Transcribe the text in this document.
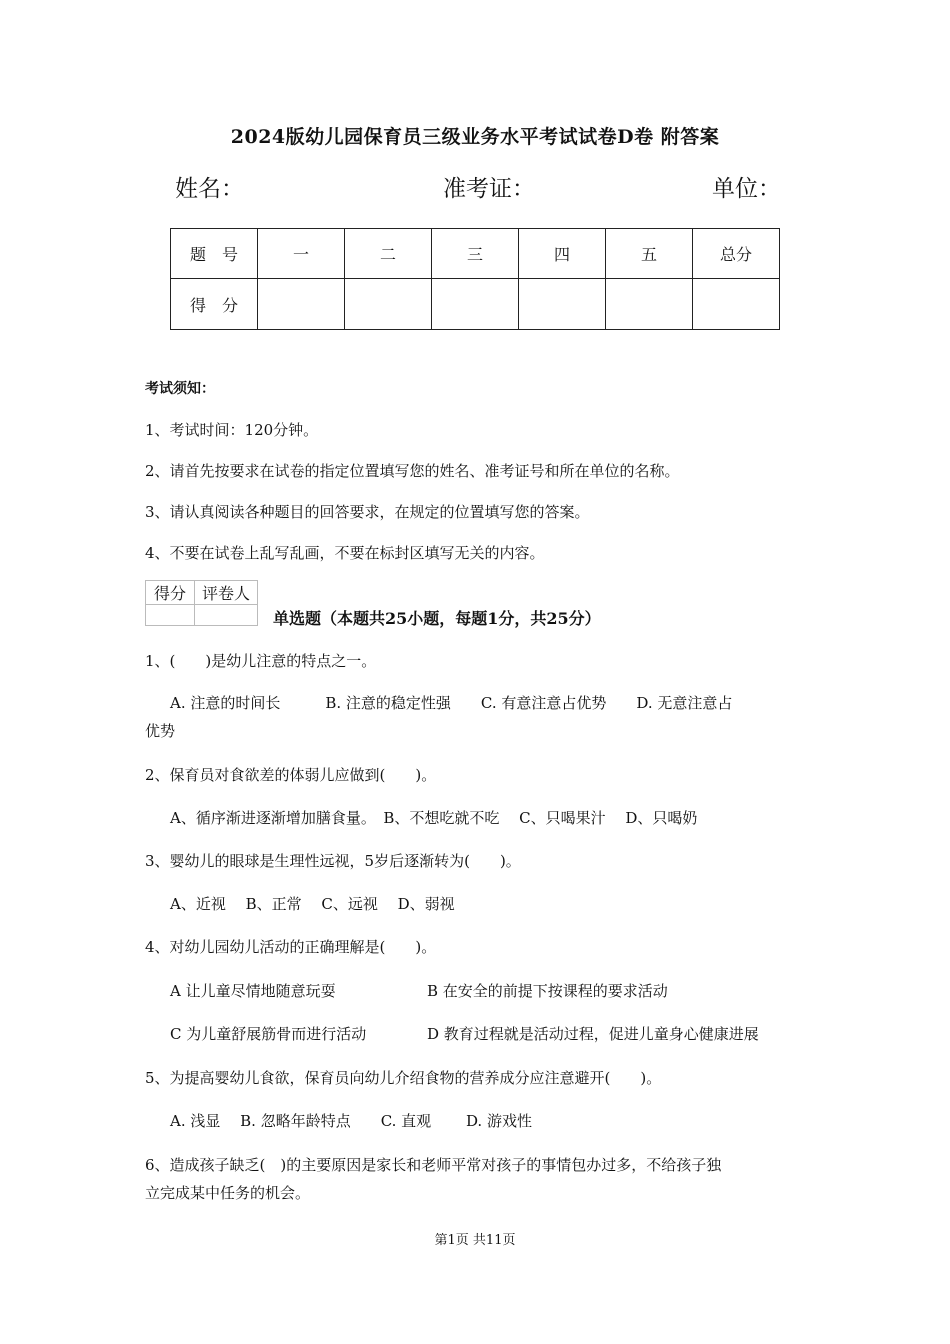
2024版幼儿园保育员三级业务水平考试试卷D卷 附答案
姓名：	准考证：	单位：
题　号	一	二	三	四	五	总分
得　分						
考试须知：
1、考试时间：120分钟。
2、请首先按要求在试卷的指定位置填写您的姓名、准考证号和所在单位的名称。
3、请认真阅读各种题目的回答要求，在规定的位置填写您的答案。
4、不要在试卷上乱写乱画，不要在标封区填写无关的内容。
得分	评卷人

单选题（本题共25小题，每题1分，共25分）
1、(　　)是幼儿注意的特点之一。
A. 注意的时间长　　　B. 注意的稳定性强　　C. 有意注意占优势　　D. 无意注意占
优势
2、保育员对食欲差的体弱儿应做到(　　)。
A、循序渐进逐渐增加膳食量。　B、不想吃就不吃　 C、只喝果汁　 D、只喝奶
3、婴幼儿的眼球是生理性远视，5岁后逐渐转为(　　)。
A、近视　 B、正常　 C、远视　 D、弱视
4、对幼儿园幼儿活动的正确理解是(　　)。
A 让儿童尽情地随意玩耍	B 在安全的前提下按课程的要求活动
C 为儿童舒展筋骨而进行活动	D 教育过程就是活动过程，促进儿童身心健康进展
5、为提高婴幼儿食欲，保育员向幼儿介绍食物的营养成分应注意避开(　　)。
A. 浅显　 B. 忽略年龄特点　　C. 直观　　 D. 游戏性
6、造成孩子缺乏(　)的主要原因是家长和老师平常对孩子的事情包办过多，不给孩子独
立完成某中任务的机会。
第1页 共11页
